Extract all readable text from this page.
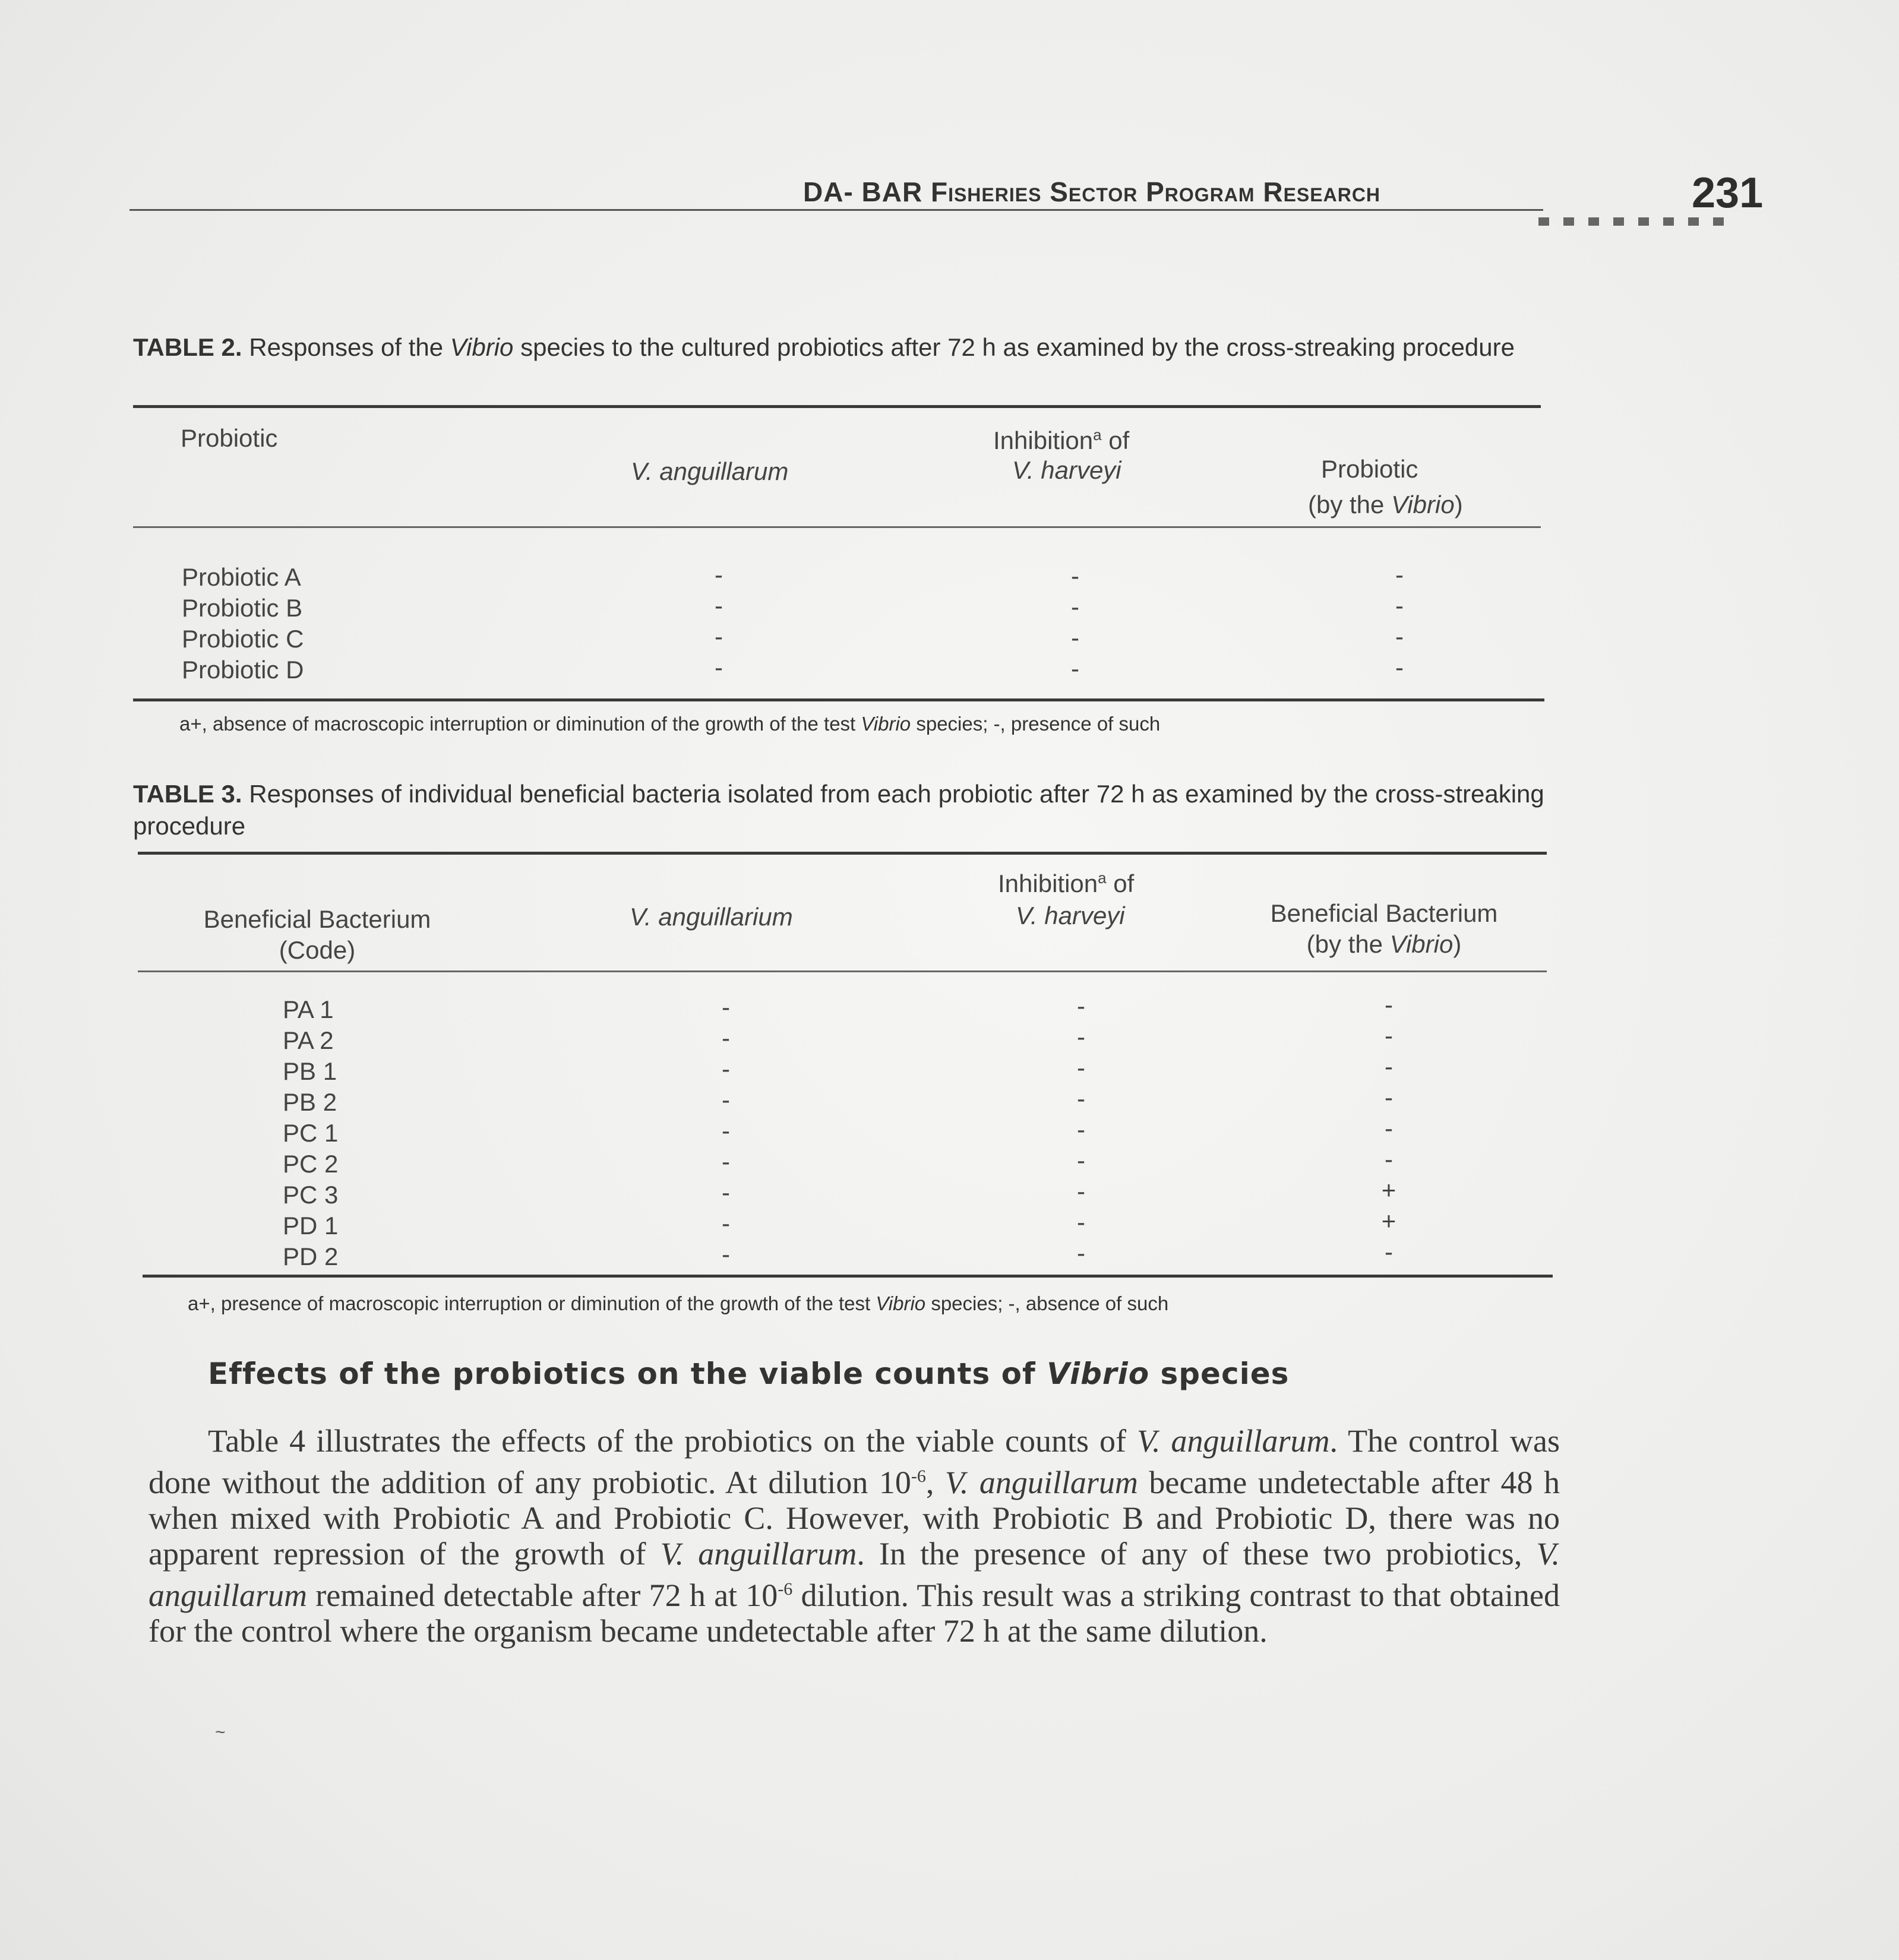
DA- BAR Fisheries Sector Program Research	231
TABLE 2. Responses of the Vibrio species to the cultured probiotics after 72 h as examined by the cross-streaking procedure
Probiotic	Inhibition$^a$ of
V. anguillarum	V. harveyi	Probiotic
(by the Vibrio)
Probiotic A	-	-	-
Probiotic B	-	-	-
Probiotic C	-	-	-
Probiotic D	-	-	-
a+, absence of macroscopic interruption or diminution of the growth of the test Vibrio species; -, presence of such
TABLE 3. Responses of individual beneficial bacteria isolated from each probiotic after 72 h as examined by the cross-streaking procedure
Inhibition$^a$ of
Beneficial Bacterium
(Code)
V. anguillarium	V. harveyi	Beneficial Bacterium
(by the Vibrio)
PA 1	-	-	-
PA 2	-	-	-
PB 1	-	-	-
PB 2	-	-	-
PC 1	-	-	-
PC 2	-	-	-
PC 3	-	-	+
PD 1	-	-	+
PD 2	-	-	-
a+, presence of macroscopic interruption or diminution of the growth of the test Vibrio species; -, absence of such
Effects of the probiotics on the viable counts of Vibrio species
Table 4 illustrates the effects of the probiotics on the viable counts of V. anguillarum. The control was done without the addition of any probiotic. At dilution $10^{-6}$, V. anguillarum became undetectable after 48 h when mixed with Probiotic A and Probiotic C. However, with Probiotic B and Probiotic D, there was no apparent repression of the growth of V. anguillarum. In the presence of any of these two probiotics, V. anguillarum remained detectable after 72 h at $10^{-6}$ dilution. This result was a striking contrast to that obtained for the control where the organism became undetectable after 72 h at the same dilution.
~
